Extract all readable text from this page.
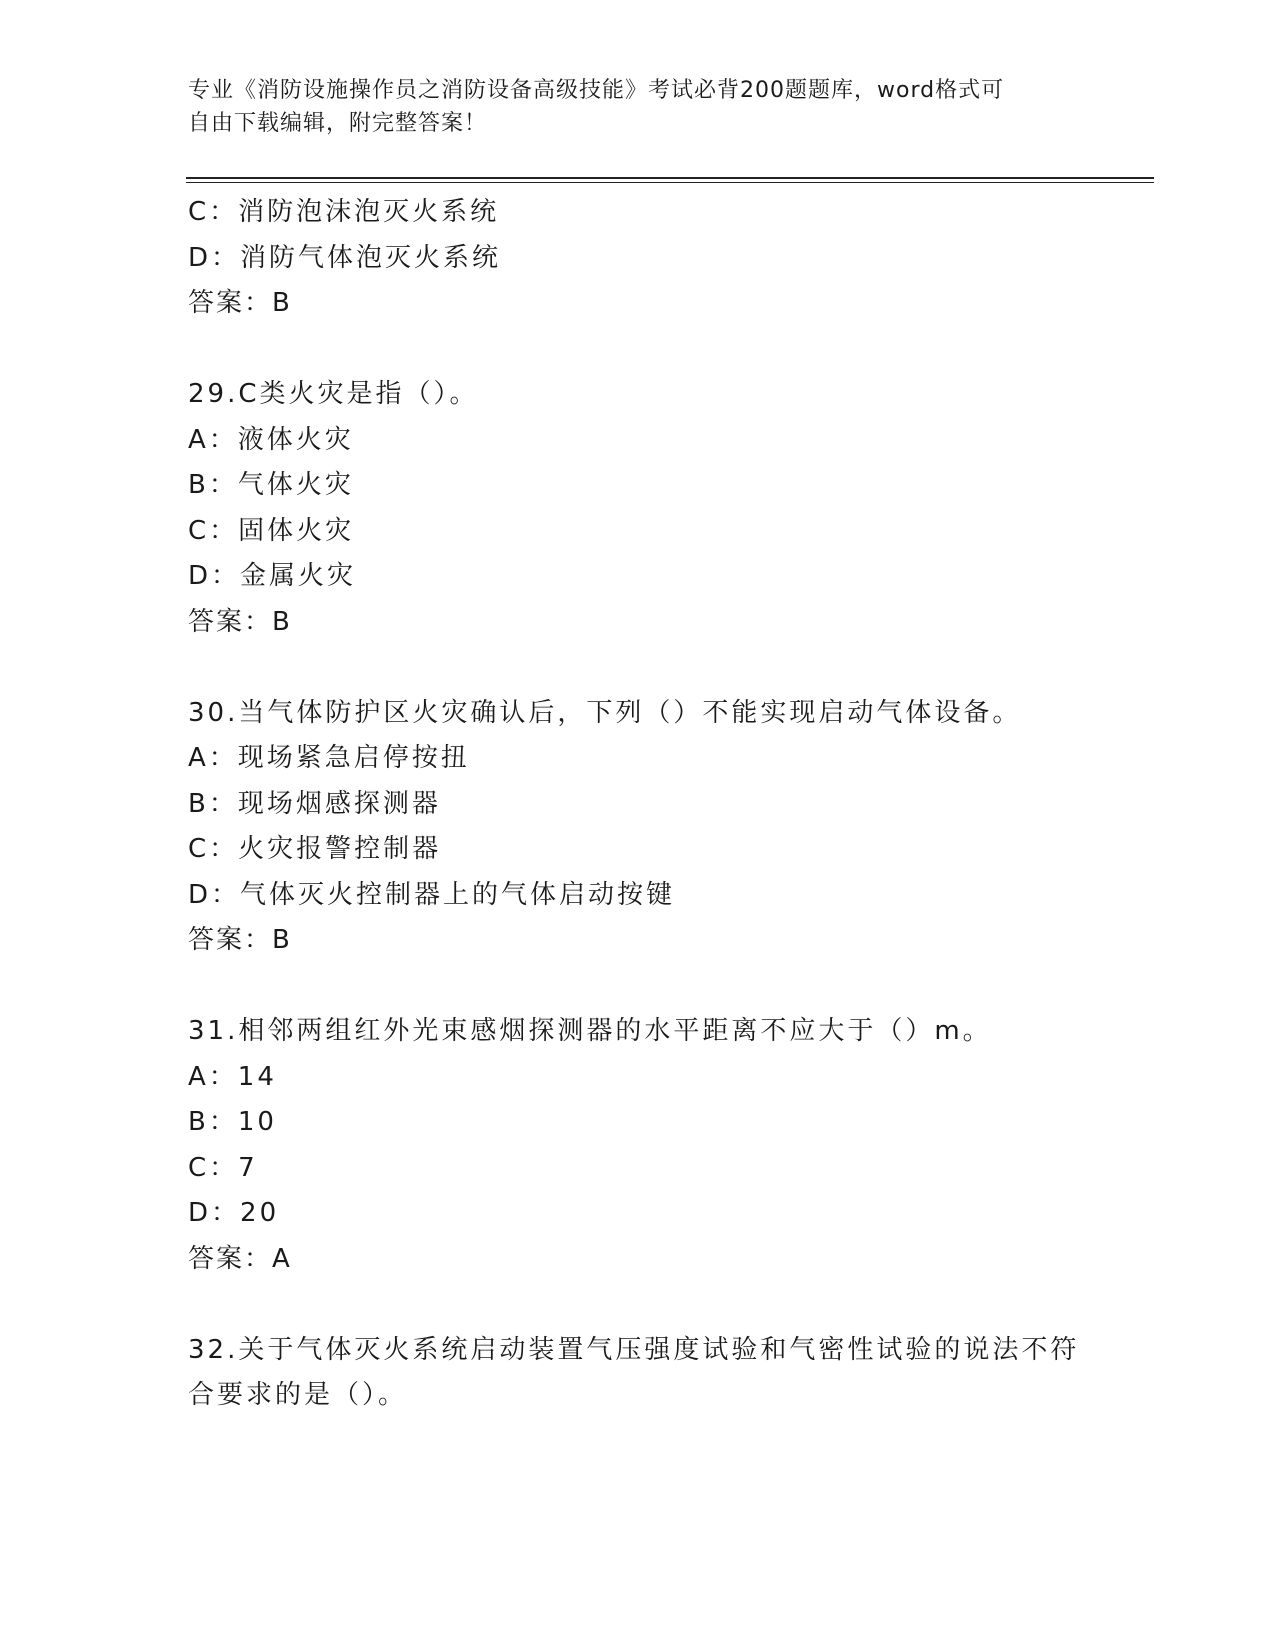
专业《消防设施操作员之消防设备高级技能》考试必背200题题库，word格式可
自由下载编辑，附完整答案！
C：消防泡沫泡灭火系统
D：消防气体泡灭火系统
答案：B
29.C类火灾是指（）。
A：液体火灾
B：气体火灾
C：固体火灾
D：金属火灾
答案：B
30.当气体防护区火灾确认后，下列（）不能实现启动气体设备。
A：现场紧急启停按扭
B：现场烟感探测器
C：火灾报警控制器
D：气体灭火控制器上的气体启动按键
答案：B
31.相邻两组红外光束感烟探测器的水平距离不应大于（）m。
A：14
B：10
C：7
D：20
答案：A
32.关于气体灭火系统启动装置气压强度试验和气密性试验的说法不符合要求的是（）。
